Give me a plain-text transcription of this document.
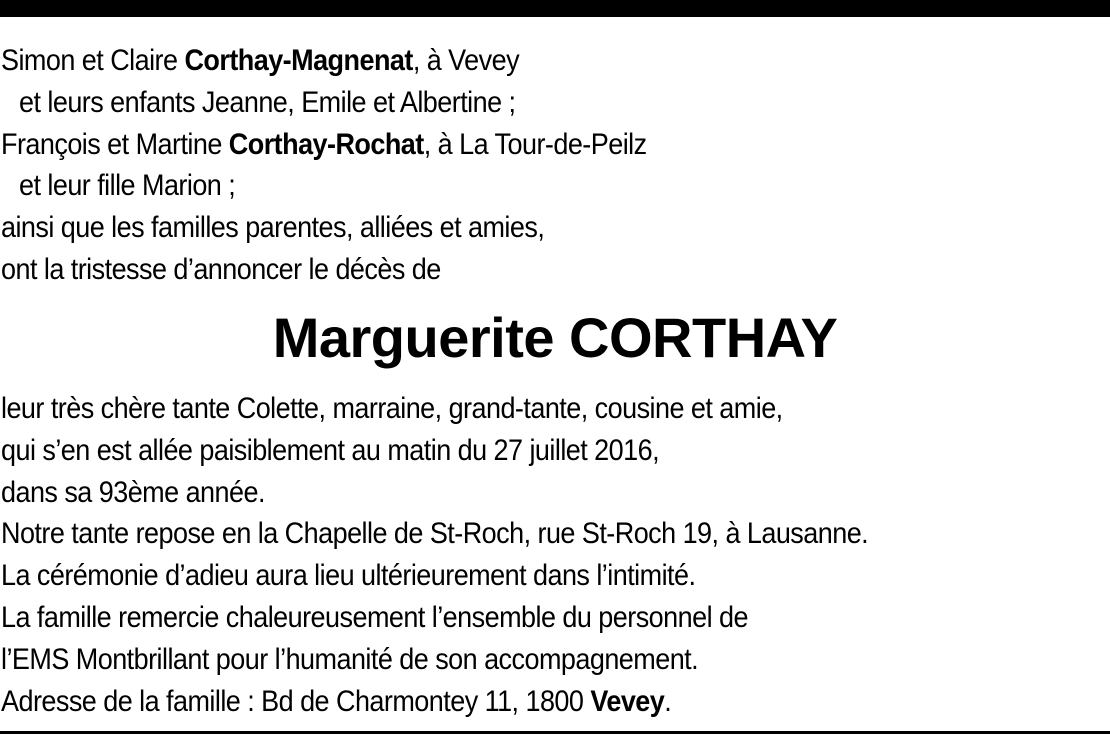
Simon et Claire Corthay-Magnenat, à Vevey
et leurs enfants Jeanne, Emile et Albertine ;
François et Martine Corthay-Rochat, à La Tour-de-Peilz
et leur fille Marion ;
ainsi que les familles parentes, alliées et amies,
ont la tristesse d’annoncer le décès de
Marguerite CORTHAY
leur très chère tante Colette, marraine, grand-tante, cousine et amie,
qui s’en est allée paisiblement au matin du 27 juillet 2016,
dans sa 93ème année.
Notre tante repose en la Chapelle de St-Roch, rue St-Roch 19, à Lausanne.
La cérémonie d’adieu aura lieu ultérieurement dans l’intimité.
La famille remercie chaleureusement l’ensemble du personnel de
l’EMS Montbrillant pour l’humanité de son accompagnement.
Adresse de la famille : Bd de Charmontey 11, 1800 Vevey.
